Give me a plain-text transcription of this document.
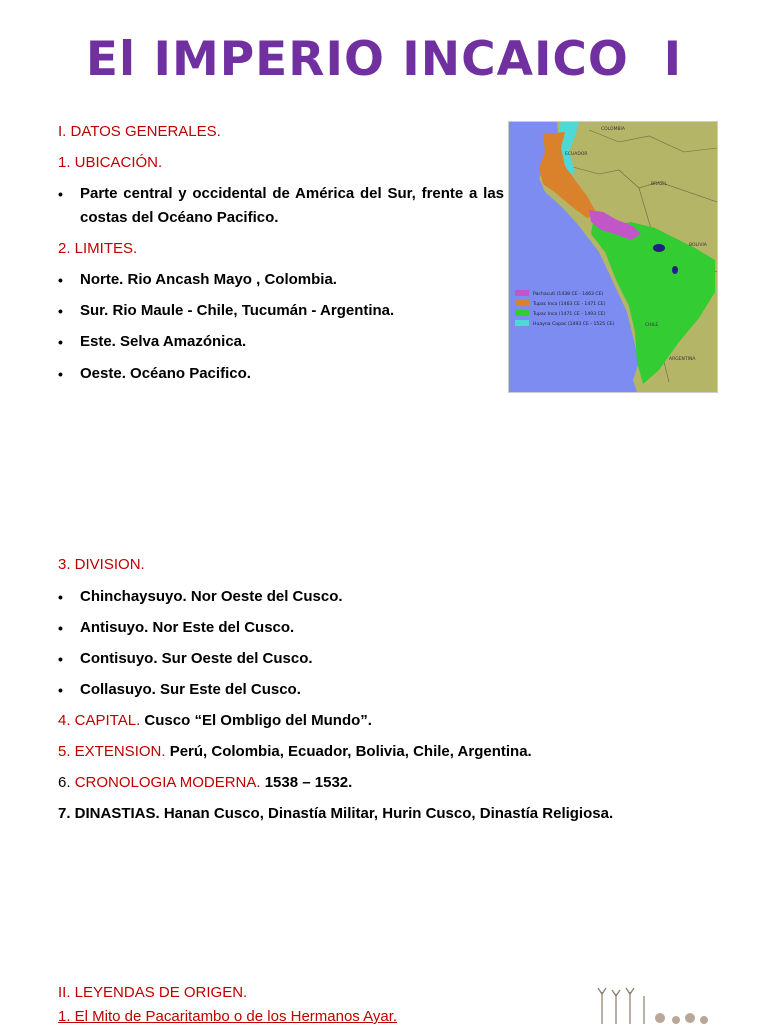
El IMPERIO INCAICO  I
I. DATOS GENERALES.
1. UBICACIÓN.
•	Parte central y occidental de América del Sur, frente a las costas del Océano Pacifico.
2. LIMITES.
•	Norte. Rio Ancash Mayo , Colombia.
•	Sur. Rio Maule - Chile, Tucumán - Argentina.
•	Este. Selva Amazónica.
•	Oeste. Océano Pacifico.
COLOMBIA
ECUADOR
BRAZIL
BOLIVIA
ARGENTINA
CHILE
Pachacuti (1438 CE - 1463 CE)
Tupac Inca (1463 CE - 1471 CE)
Tupac Inca (1471 CE - 1493 CE)
Huayna Capac (1493 CE - 1525 CE)
3. DIVISION.
•	Chinchaysuyo. Nor Oeste del Cusco.
•	Antisuyo. Nor Este del Cusco.
•	Contisuyo. Sur Oeste del Cusco.
•	Collasuyo. Sur Este del Cusco.
4. CAPITAL. Cusco “El Ombligo del Mundo”.
5. EXTENSION. Perú, Colombia, Ecuador, Bolivia, Chile, Argentina.
6. CRONOLOGIA MODERNA. 1538 – 1532.
7. DINASTIAS. Hanan Cusco, Dinastía Militar, Hurin Cusco, Dinastía Religiosa.
II. LEYENDAS DE ORIGEN.
1. El Mito de Pacaritambo o de los Hermanos Ayar.
